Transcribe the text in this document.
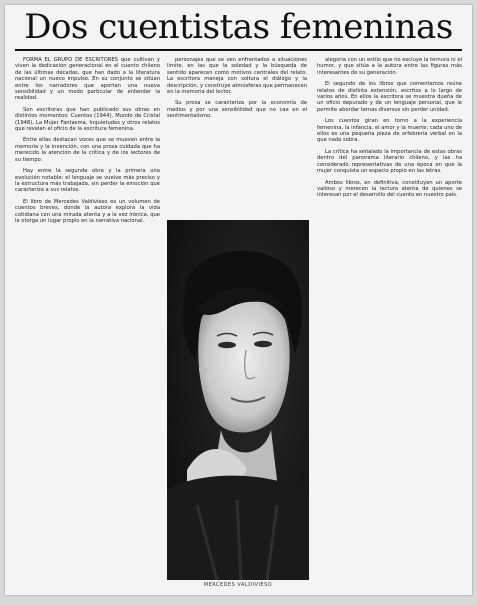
Dos cuentistas femeninas

FORMA EL GRUPO DE ESCRITORES que cultivan y viven la dedicación generacional en el cuento chileno de las últimas décadas, que han dado a la literatura nacional un nuevo impulso. En su conjunto se sitúan entre los narradores que aportan una nueva sensibilidad y un modo particular de entender la realidad.

Son escritoras que han publicado sus obras en distintos momentos: Cuentos (1944), Mundo de Cristal (1948), La Mujer Fantasma, Inquietudes y otros relatos que revelan el oficio de la escritura femenina.

Entre ellas destacan voces que se mueven entre la memoria y la invención, con una prosa cuidada que ha merecido la atención de la crítica y de los lectores de su tiempo.

Hay entre la segunda obra y la primera una evolución notable; el lenguaje se vuelve más preciso y la estructura más trabajada, sin perder la emoción que caracteriza a sus relatos.

El libro de Mercedes Valdivieso es un volumen de cuentos breves, donde la autora explora la vida cotidiana con una mirada atenta y a la vez irónica, que le otorga un lugar propio en la narrativa nacional.

personajes que se ven enfrentados a situaciones límite, en las que la soledad y la búsqueda de sentido aparecen como motivos centrales del relato. La escritora maneja con soltura el diálogo y la descripción, y construye atmósferas que permanecen en la memoria del lector.

Su prosa se caracteriza por la economía de medios y por una sensibilidad que no cae en el sentimentalismo.

MERCEDES VALDIVIESO

alegoría con un estilo que no excluye la ternura ni el humor, y que sitúa a la autora entre las figuras más interesantes de su generación.

El segundo de los libros que comentamos reúne relatos de distinta extensión, escritos a lo largo de varios años. En ellos la escritora se muestra dueña de un oficio depurado y de un lenguaje personal, que le permite abordar temas diversos sin perder unidad.

Los cuentos giran en torno a la experiencia femenina, la infancia, el amor y la muerte; cada uno de ellos es una pequeña pieza de orfebrería verbal en la que nada sobra.

La crítica ha señalado la importancia de estas obras dentro del panorama literario chileno, y las ha considerado representativas de una época en que la mujer conquista un espacio propio en las letras.

Ambos libros, en definitiva, constituyen un aporte valioso y merecen la lectura atenta de quienes se interesan por el desarrollo del cuento en nuestro país.
